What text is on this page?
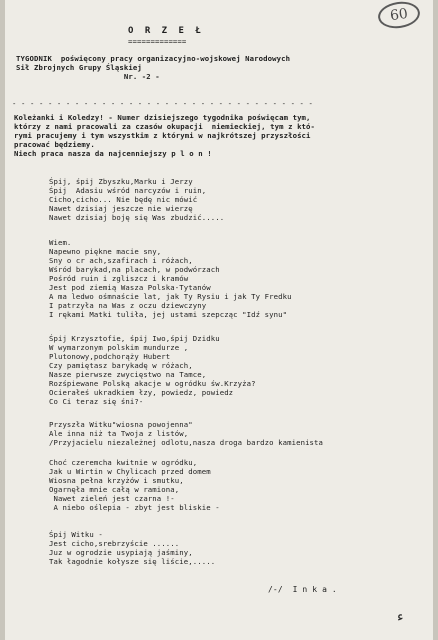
60
O R Z E Ł
=============
TYGODNIK  poświęcony pracy organizacyjno-wojskowej Narodowych
Sił Zbrojnych Grupy Śląskiej
Nr. -2 -
- - - - - - - - - - - - - - - - - - - - - - - - - - - - - - - - - -
Koleżanki i Koledzy! - Numer dzisiejszego tygodnika poświęcam tym,
którzy z nami pracowali za czasów okupacji  niemieckiej, tym z któ-
rymi pracujemy i tym wszystkim z którymi w najkrótszej przyszłości
pracować będziemy.
Niech praca nasza da najcenniejszy p l o n !
Śpij, śpij Zbyszku,Marku i Jerzy
Śpij  Adasiu wśród narcyzów i ruin,
Cicho,cicho... Nie będę nic mówić
Nawet dzisiaj jeszcze nie wierzę
Nawet dzisiaj boję się Was zbudzić.....
Wiem.
Napewno piękne macie sny,
Sny o cr ach,szafirach i różach,
Wśród barykad,na placach, w podwórzach
Pośród ruin i zgliszcz i kramów
Jest pod ziemią Wasza Polska-Tytanów
A ma ledwo ośmnaście lat, jak Ty Rysiu i jak Ty Fredku
I patrzyła na Was z oczu dziewczyny
I rękami Matki tuliła, jej ustami szepcząc "Idź synu"
Śpij Krzysztofie, śpij Iwo,śpij Dzidku
W wymarzonym polskim mundurze ,
Plutonowy,podchorąży Hubert
Czy pamiętasz barykadę w różach,
Nasze pierwsze zwycięstwo na Tamce,
Rozśpiewane Polską akacje w ogródku św.Krzyża?
Ocierałeś ukradkiem łzy, powiedz, powiedz
Co Ci teraz się śni?-
Przyszła Witku"wiosna powojenna"
Ale inna niż ta Twoja z listów,
/Przyjacielu niezależnej odlotu,nasza droga bardzo kamienista
Choć czeremcha kwitnie w ogródku,
Jak u Wirtin w Chylicach przed domem
Wiosna pełna krzyżów i smutku,
Ogarnęła mnie całą w ramiona,
Nawet zieleń jest czarna !-
A niebo oślepia - zbyt jest bliskie -
Śpij Witku -
Jest cicho,srebrzyście ......
Juz w ogrodzie usypiają jaśminy,
Tak łagodnie kołysze się liście,.....
/-/  I n k a .
ء
